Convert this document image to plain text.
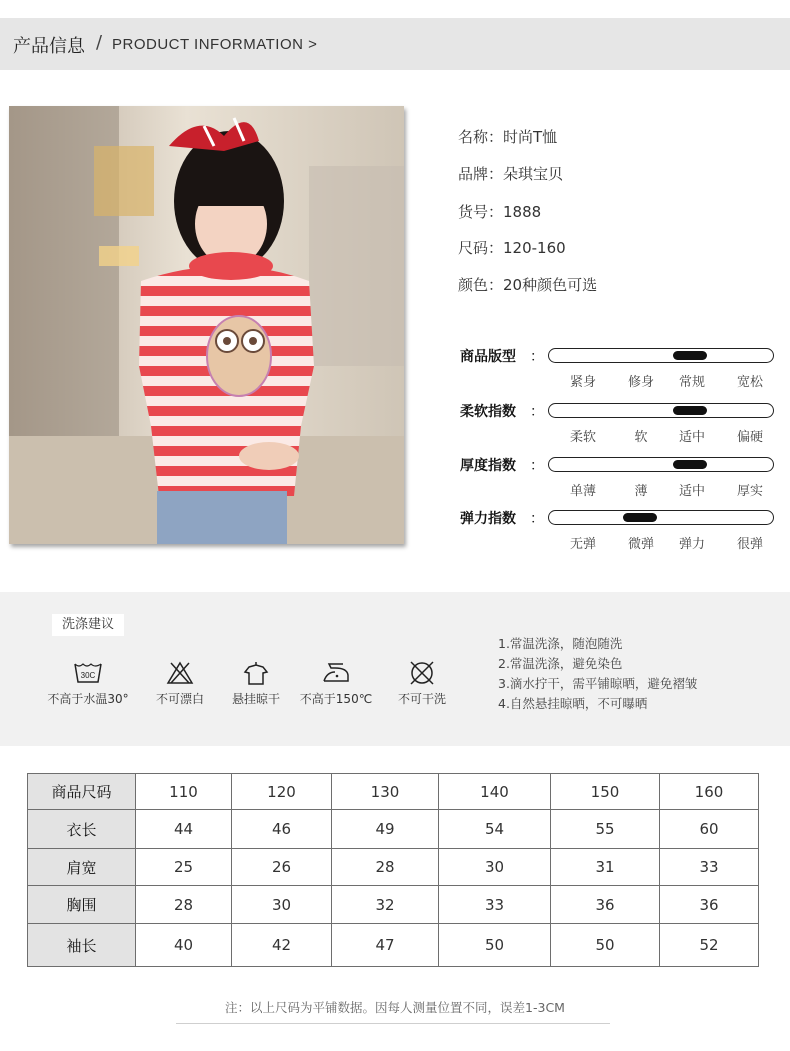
产品信息 / PRODUCT INFORMATION >
名称：时尚T恤
品牌：朵琪宝贝
货号：1888
尺码：120-160
颜色：20种颜色可选
商品版型 ：
紧身	修身	常规	宽松
柔软指数 ：
柔软	软	适中	偏硬
厚度指数 ：
单薄	薄	适中	厚实
弹力指数 ：
无弹	微弹	弹力	很弹
洗涤建议
30C
不高于水温30°	不可漂白	悬挂晾干	不高于150℃	不可干洗
1.常温洗涤，随泡随洗
2.常温洗涤，避免染色
3.滴水拧干，需平铺晾晒，避免褶皱
4.自然悬挂晾晒，不可曝晒
商品尺码	110	120	130	140	150	160
衣长	44	46	49	54	55	60
肩宽	25	26	28	30	31	33
胸围	28	30	32	33	36	36
袖长	40	42	47	50	50	52
注：以上尺码为平铺数据。因每人测量位置不同，误差1-3CM
